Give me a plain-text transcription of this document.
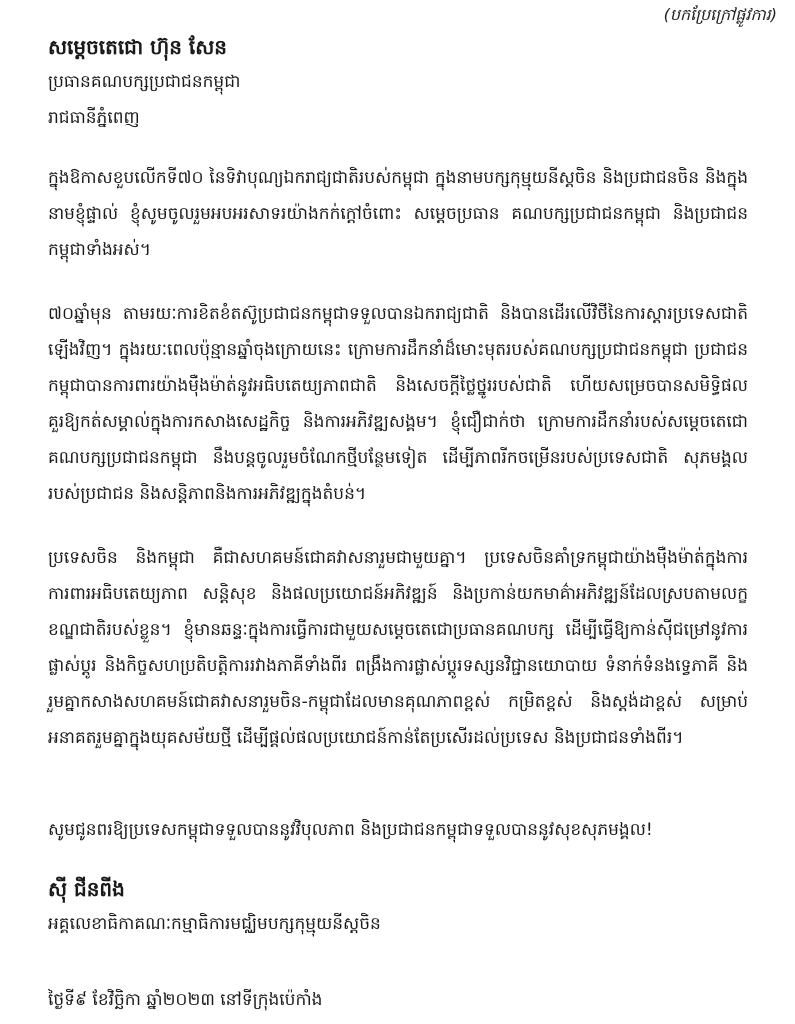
(បកប្រែក្រៅផ្លូវការ)
សម្តេចតេជោ ហ៊ុន សែន
ប្រធានគណបក្សប្រជាជនកម្ពុជា
រាជធានីភ្នំពេញ

ក្នុងឱកាសខួបលើកទី៧០ នៃទិវាបុណ្យឯករាជ្យជាតិរបស់កម្ពុជា ក្នុងនាមបក្សកុម្មុយនីស្តចិន និងប្រជាជនចិន និងក្នុងនាមខ្ញុំផ្ទាល់ ខ្ញុំសូមចូលរួមអបអរសាទរយ៉ាងកក់ក្តៅចំពោះ សម្តេចប្រធាន គណបក្សប្រជាជនកម្ពុជា និងប្រជាជនកម្ពុជាទាំងអស់។

៧០ឆ្នាំមុន តាមរយៈការខិតខំតស៊ូប្រជាជនកម្ពុជាទទួលបានឯករាជ្យជាតិ និងបានដើរលើវិថីនៃការស្តារប្រទេសជាតិឡើងវិញ។ ក្នុងរយៈពេលប៉ុន្មានឆ្នាំចុងក្រោយនេះ ក្រោមការដឹកនាំដ៏មោះមុតរបស់គណបក្សប្រជាជនកម្ពុជា ប្រជាជនកម្ពុជាបានការពារយ៉ាងម៉ឺងម៉ាត់នូវអធិបតេយ្យភាពជាតិ និងសេចក្តីថ្លៃថ្នូររបស់ជាតិ ហើយសម្រេចបានសមិទ្ធិផលគួរឱ្យកត់សម្គាល់ក្នុងការកសាងសេដ្ឋកិច្ច និងការអភិវឌ្ឍសង្គម។ ខ្ញុំជឿជាក់ថា ក្រោមការដឹកនាំរបស់សម្តេចតេជោ គណបក្សប្រជាជនកម្ពុជា នឹងបន្តចូលរួមចំណែកថ្មីបន្ថែមទៀត ដើម្បីភាពរីកចម្រើនរបស់ប្រទេសជាតិ សុភមង្គលរបស់ប្រជាជន និងសន្តិភាពនិងការអភិវឌ្ឍក្នុងតំបន់។

ប្រទេសចិន និងកម្ពុជា គឺជាសហគមន៍ជោគវាសនារួមជាមួយគ្នា។ ប្រទេសចិនគាំទ្រកម្ពុជាយ៉ាងម៉ឺងម៉ាត់ក្នុងការការពារអធិបតេយ្យភាព សន្តិសុខ និងផលប្រយោជន៍អភិវឌ្ឍន៍ និងប្រកាន់យកមាគ៌ាអភិវឌ្ឍន៍ដែលស្របតាមលក្ខខណ្ឌជាតិរបស់ខ្លួន។ ខ្ញុំមានឆន្ទៈក្នុងការធ្វើការជាមួយសម្តេចតេជោប្រធានគណបក្ស ដើម្បីធ្វើឱ្យកាន់ស៊ីជម្រៅនូវការផ្លាស់ប្តូរ និងកិច្ចសហប្រតិបត្តិការរវាងភាគីទាំងពីរ ពង្រឹងការផ្លាស់ប្តូរទស្សនវិជ្ជានយោបាយ ទំនាក់ទំនងទ្វេភាគី និងរួមគ្នាកសាងសហគមន៍ជោគវាសនារួមចិន-កម្ពុជាដែលមានគុណភាពខ្ពស់ កម្រិតខ្ពស់ និងស្តង់ដាខ្ពស់ សម្រាប់អនាគតរួមគ្នាក្នុងយុគសម័យថ្មី ដើម្បីផ្តល់ផលប្រយោជន៍កាន់តែប្រសើរដល់ប្រទេស និងប្រជាជនទាំងពីរ។

សូមជូនពរឱ្យប្រទេសកម្ពុជាទទួលបាននូវវិបុលភាព និងប្រជាជនកម្ពុជាទទួលបាននូវសុខសុភមង្គល!
ស៊ី ជីនពីង
អគ្គលេខាធិកាគណៈកម្មាធិការមជ្ឈិមបក្សកុម្មុយនីស្តចិន
ថ្ងៃទី៩ ខែវិច្ឆិកា ឆ្នាំ២០២៣ នៅទីក្រុងប៉េកាំង
